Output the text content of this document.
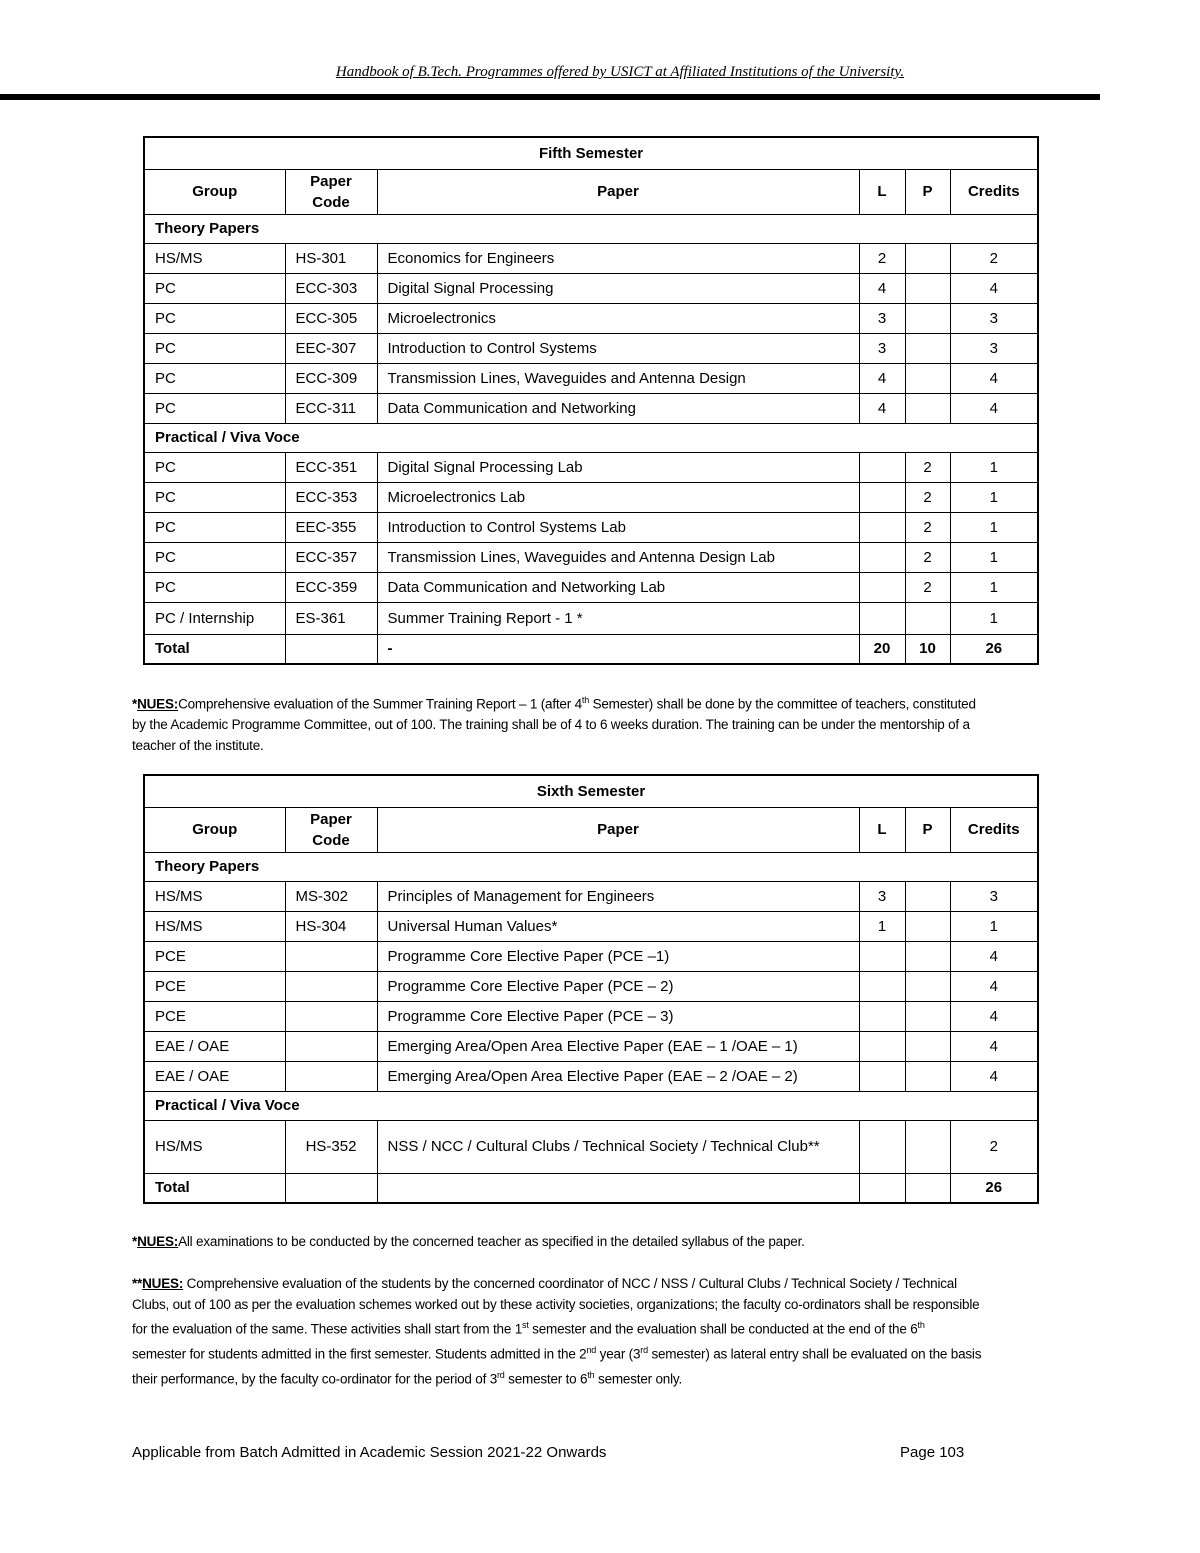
Handbook of B.Tech. Programmes offered by USICT at Affiliated Institutions of the University.
Fifth Semester					
Group	Paper Code	Paper	L	P	Credits
Theory Papers					
HS/MS	HS-301	Economics for Engineers	2		2
PC	ECC-303	Digital Signal Processing	4		4
PC	ECC-305	Microelectronics	3		3
PC	EEC-307	Introduction to Control Systems	3		3
PC	ECC-309	Transmission Lines, Waveguides and Antenna Design	4		4
PC	ECC-311	Data Communication and Networking	4		4
Practical / Viva Voce					
PC	ECC-351	Digital Signal Processing Lab		2	1
PC	ECC-353	Microelectronics Lab		2	1
PC	EEC-355	Introduction to Control Systems Lab		2	1
PC	ECC-357	Transmission Lines, Waveguides and Antenna Design Lab		2	1
PC	ECC-359	Data Communication and Networking Lab		2	1
PC / Internship	ES-361	Summer Training Report - 1 *			1
Total		-	20	10	26
*NUES:Comprehensive evaluation of the Summer Training Report – 1 (after 4th Semester) shall be done by the committee of teachers, constituted by the Academic Programme Committee, out of 100. The training shall be of 4 to 6 weeks duration. The training can be under the mentorship of a teacher of the institute.
Sixth Semester					
Group	Paper Code	Paper	L	P	Credits
Theory Papers					
HS/MS	MS-302	Principles of Management for Engineers	3		3
HS/MS	HS-304	Universal Human Values*	1		1
PCE		Programme Core Elective Paper (PCE –1)			4
PCE		Programme Core Elective Paper (PCE – 2)			4
PCE		Programme Core Elective Paper (PCE – 3)			4
EAE / OAE		Emerging Area/Open Area Elective Paper (EAE – 1 /OAE – 1)			4
EAE / OAE		Emerging Area/Open Area Elective Paper (EAE – 2 /OAE – 2)			4
Practical / Viva Voce					
HS/MS	HS-352	NSS / NCC / Cultural Clubs / Technical Society / Technical Club**			2
Total					26
*NUES:All examinations to be conducted by the concerned teacher as specified in the detailed syllabus of the paper.
**NUES: Comprehensive evaluation of the students by the concerned coordinator of NCC / NSS / Cultural Clubs / Technical Society / Technical Clubs, out of 100 as per the evaluation schemes worked out by these activity societies, organizations; the faculty co-ordinators shall be responsible for the evaluation of the same. These activities shall start from the 1st semester and the evaluation shall be conducted at the end of the 6th semester for students admitted in the first semester. Students admitted in the 2nd year (3rd semester) as lateral entry shall be evaluated on the basis their performance, by the faculty co-ordinator for the period of 3rd semester to 6th semester only.
Applicable from Batch Admitted in Academic Session 2021-22 Onwards	Page 103
